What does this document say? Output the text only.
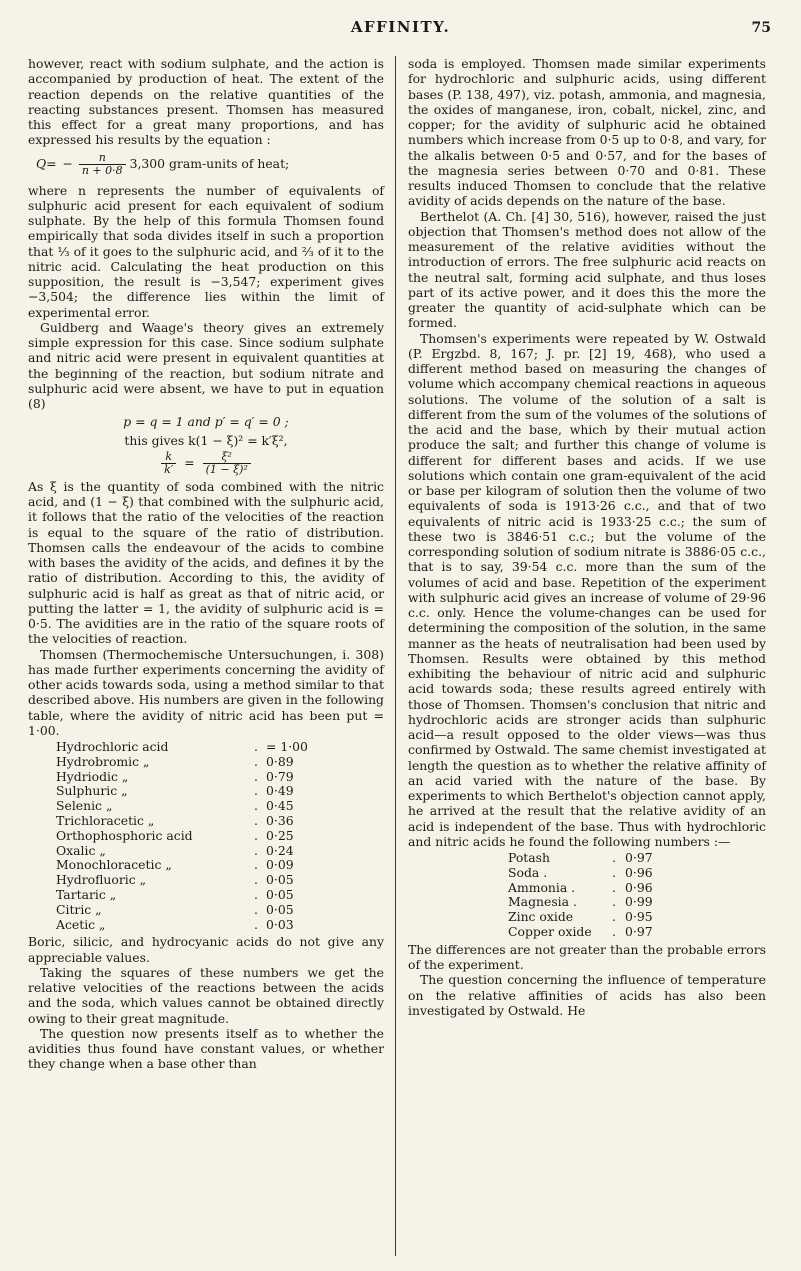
AFFINITY.	75

however, react with sodium sulphate, and the action is accompanied by production of heat. The extent of the reaction depends on the relative quantities of the reacting substances present. Thomsen has measured this effect for a great many proportions, and has expressed his results by the equation :

$Q= - \frac{n}{n + 0\cdot 8} 3,300$ gram-units of heat;

where n represents the number of equivalents of sulphuric acid present for each equivalent of sodium sulphate. By the help of this formula Thomsen found empirically that soda divides itself in such a proportion that ⅓ of it goes to the sulphuric acid, and ⅔ of it to the nitric acid. Calculating the heat production on this supposition, the result is −3,547; experiment gives −3,504; the difference lies within the limit of experimental error.

Guldberg and Waage's theory gives an extremely simple expression for this case. Since sodium sulphate and nitric acid were present in equivalent quantities at the beginning of the reaction, but sodium nitrate and sulphuric acid were absent, we have to put in equation (8)

p = q = 1 and p′ = q′ = 0 ;
this gives k(1 − ξ)² = k′ξ²,
$\frac{k}{k'} = \frac{\text{ξ²}}{\text{(1 − ξ)²}}$

As ξ is the quantity of soda combined with the nitric acid, and (1 − ξ) that combined with the sulphuric acid, it follows that the ratio of the velocities of the reaction is equal to the square of the ratio of distribution. Thomsen calls the endeavour of the acids to combine with bases the avidity of the acids, and defines it by the ratio of distribution. According to this, the avidity of sulphuric acid is half as great as that of nitric acid, or putting the latter = 1, the avidity of sulphuric acid is = 0·5. The avidities are in the ratio of the square roots of the velocities of reaction.

Thomsen (Thermochemische Untersuchungen, i. 308) has made further experiments concerning the avidity of other acids towards soda, using a method similar to that described above. His numbers are given in the following table, where the avidity of nitric acid has been put = 1·00.

Hydrochloric acid	.	= 1·00
Hydrobromic „	.	0·89
Hydriodic „	.	0·79
Sulphuric „	.	0·49
Selenic „	.	0·45
Trichloracetic „	.	0·36
Orthophosphoric acid	.	0·25
Oxalic „	.	0·24
Monochloracetic „	.	0·09
Hydrofluoric „	.	0·05
Tartaric „	.	0·05
Citric „	.	0·05
Acetic „	.	0·03

Boric, silicic, and hydrocyanic acids do not give any appreciable values.

Taking the squares of these numbers we get the relative velocities of the reactions between the acids and the soda, which values cannot be obtained directly owing to their great magnitude.

The question now presents itself as to whether the avidities thus found have constant values, or whether they change when a base other than

soda is employed. Thomsen made similar experiments for hydrochloric and sulphuric acids, using different bases (P. 138, 497), viz. potash, ammonia, and magnesia, the oxides of manganese, iron, cobalt, nickel, zinc, and copper; for the avidity of sulphuric acid he obtained numbers which increase from 0·5 up to 0·8, and vary, for the alkalis between 0·5 and 0·57, and for the bases of the magnesia series between 0·70 and 0·81. These results induced Thomsen to conclude that the relative avidity of acids depends on the nature of the base.

Berthelot (A. Ch. [4] 30, 516), however, raised the just objection that Thomsen's method does not allow of the measurement of the relative avidities without the introduction of errors. The free sulphuric acid reacts on the neutral salt, forming acid sulphate, and thus loses part of its active power, and it does this the more the greater the quantity of acid-sulphate which can be formed.

Thomsen's experiments were repeated by W. Ostwald (P. Ergzbd. 8, 167; J. pr. [2] 19, 468), who used a different method based on measuring the changes of volume which accompany chemical reactions in aqueous solutions. The volume of the solution of a salt is different from the sum of the volumes of the solutions of the acid and the base, which by their mutual action produce the salt; and further this change of volume is different for different bases and acids. If we use solutions which contain one gram-equivalent of the acid or base per kilogram of solution then the volume of two equivalents of soda is 1913·26 c.c., and that of two equivalents of nitric acid is 1933·25 c.c.; the sum of these two is 3846·51 c.c.; but the volume of the corresponding solution of sodium nitrate is 3886·05 c.c., that is to say, 39·54 c.c. more than the sum of the volumes of acid and base. Repetition of the experiment with sulphuric acid gives an increase of volume of 29·96 c.c. only. Hence the volume-changes can be used for determining the composition of the solution, in the same manner as the heats of neutralisation had been used by Thomsen. Results were obtained by this method exhibiting the behaviour of nitric acid and sulphuric acid towards soda; these results agreed entirely with those of Thomsen. Thomsen's conclusion that nitric and hydrochloric acids are stronger acids than sulphuric acid—a result opposed to the older views—was thus confirmed by Ostwald. The same chemist investigated at length the question as to whether the relative affinity of an acid varied with the nature of the base. By experiments to which Berthelot's objection cannot apply, he arrived at the result that the relative avidity of an acid is independent of the base. Thus with hydrochloric and nitric acids he found the following numbers :—

Potash	.	0·97
Soda .	.	0·96
Ammonia .	.	0·96
Magnesia .	.	0·99
Zinc oxide	.	0·95
Copper oxide	.	0·97

The differences are not greater than the probable errors of the experiment.

The question concerning the influence of temperature on the relative affinities of acids has also been investigated by Ostwald. He
